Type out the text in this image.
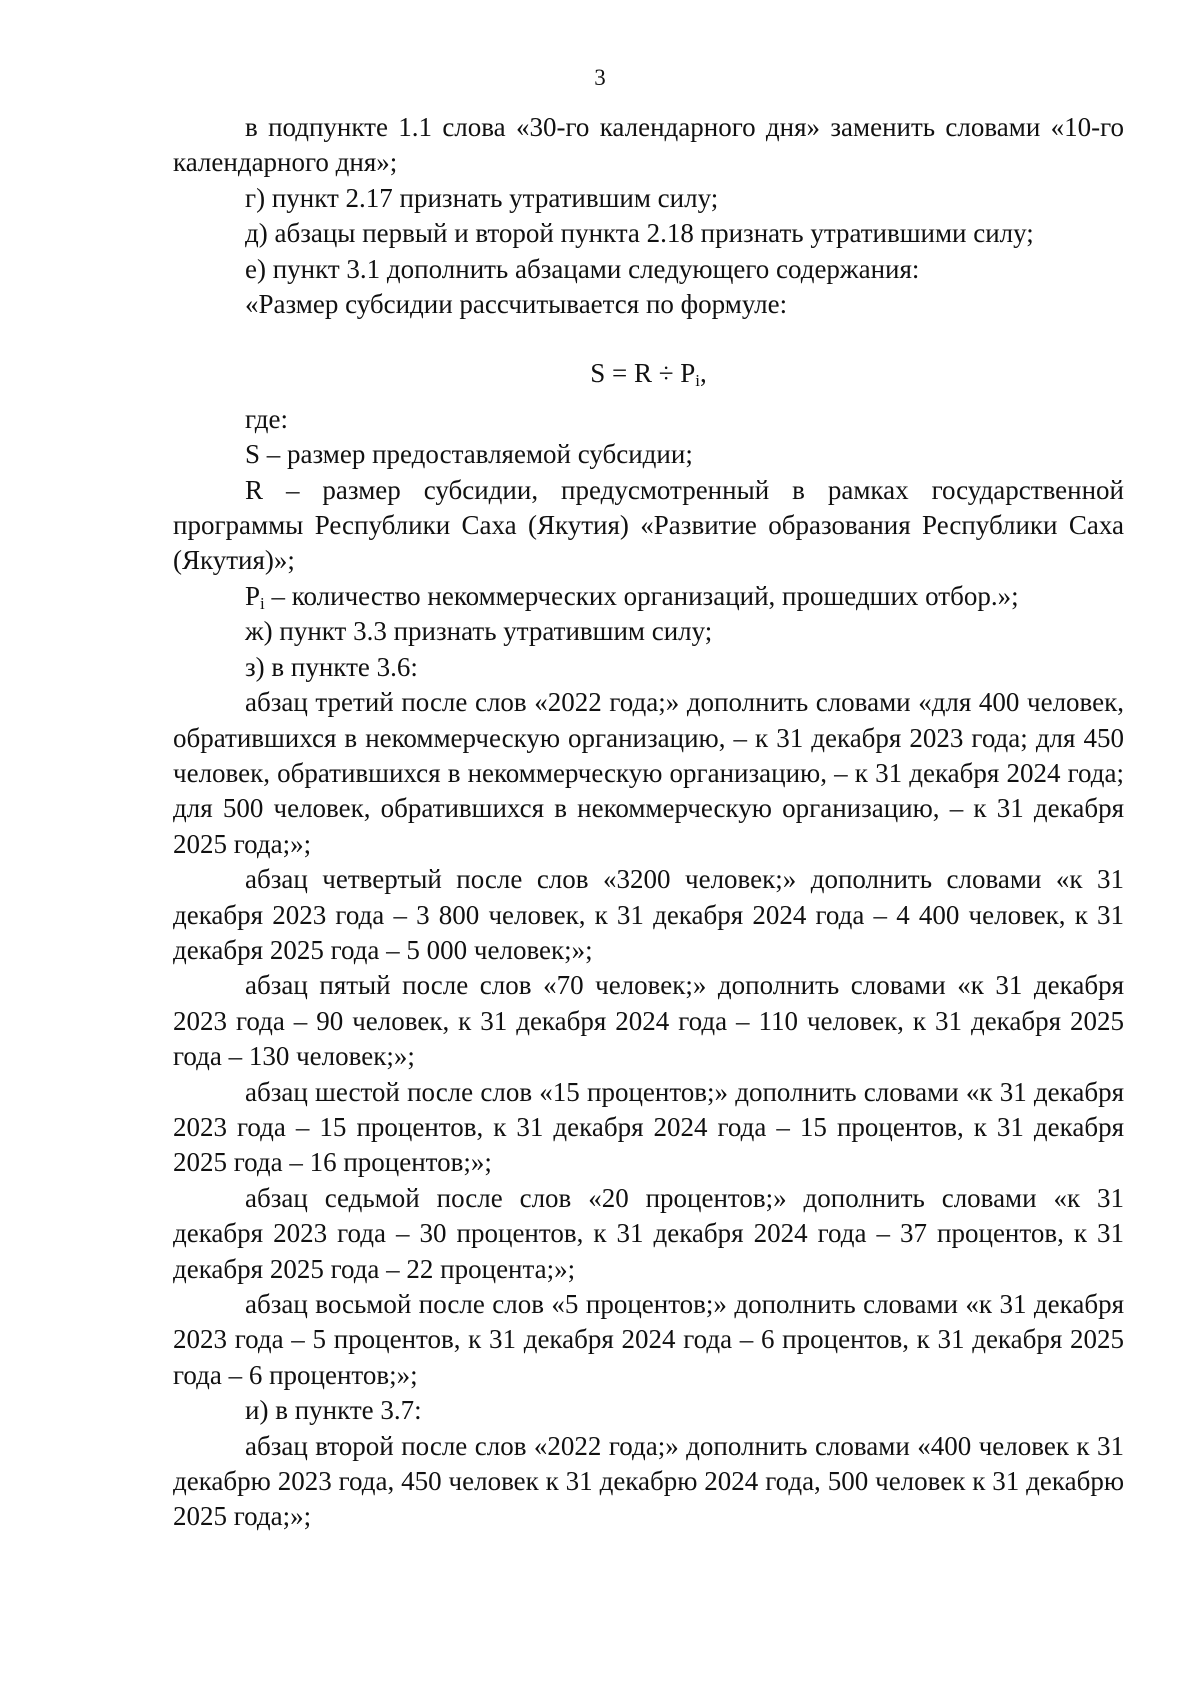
3

в подпункте 1.1 слова «30-го календарного дня» заменить словами «10-го календарного дня»;

г) пункт 2.17 признать утратившим силу;

д) абзацы первый и второй пункта 2.18 признать утратившими силу;

е) пункт 3.1 дополнить абзацами следующего содержания:

«Размер субсидии рассчитывается по формуле:

$S = R \div P_i$,

где:

S – размер предоставляемой субсидии;

R – размер субсидии, предусмотренный в рамках государственной программы Республики Саха (Якутия) «Развитие образования Республики Саха (Якутия)»;

$P_i$ – количество некоммерческих организаций, прошедших отбор.»;

ж) пункт 3.3 признать утратившим силу;

з) в пункте 3.6:

абзац третий после слов «2022 года;» дополнить словами «для 400 человек, обратившихся в некоммерческую организацию, – к 31 декабря 2023 года; для 450 человек, обратившихся в некоммерческую организацию, – к 31 декабря 2024 года; для 500 человек, обратившихся в некоммерческую организацию, – к 31 декабря 2025 года;»;

абзац четвертый после слов «3200 человек;» дополнить словами «к 31 декабря 2023 года – 3 800 человек, к 31 декабря 2024 года – 4 400 человек, к 31 декабря 2025 года – 5 000 человек;»;

абзац пятый после слов «70 человек;» дополнить словами «к 31 декабря 2023 года – 90 человек, к 31 декабря 2024 года – 110 человек, к 31 декабря 2025 года – 130 человек;»;

абзац шестой после слов «15 процентов;» дополнить словами «к 31 декабря 2023 года – 15 процентов, к 31 декабря 2024 года – 15 процентов, к 31 декабря 2025 года – 16 процентов;»;

абзац седьмой после слов «20 процентов;» дополнить словами «к 31 декабря 2023 года – 30 процентов, к 31 декабря 2024 года – 37 процентов, к 31 декабря 2025 года – 22 процента;»;

абзац восьмой после слов «5 процентов;» дополнить словами «к 31 декабря 2023 года – 5 процентов, к 31 декабря 2024 года – 6 процентов, к 31 декабря 2025 года – 6 процентов;»;

и) в пункте 3.7:

абзац второй после слов «2022 года;» дополнить словами «400 человек к 31 декабрю 2023 года, 450 человек к 31 декабрю 2024 года, 500 человек к 31 декабрю 2025 года;»;
